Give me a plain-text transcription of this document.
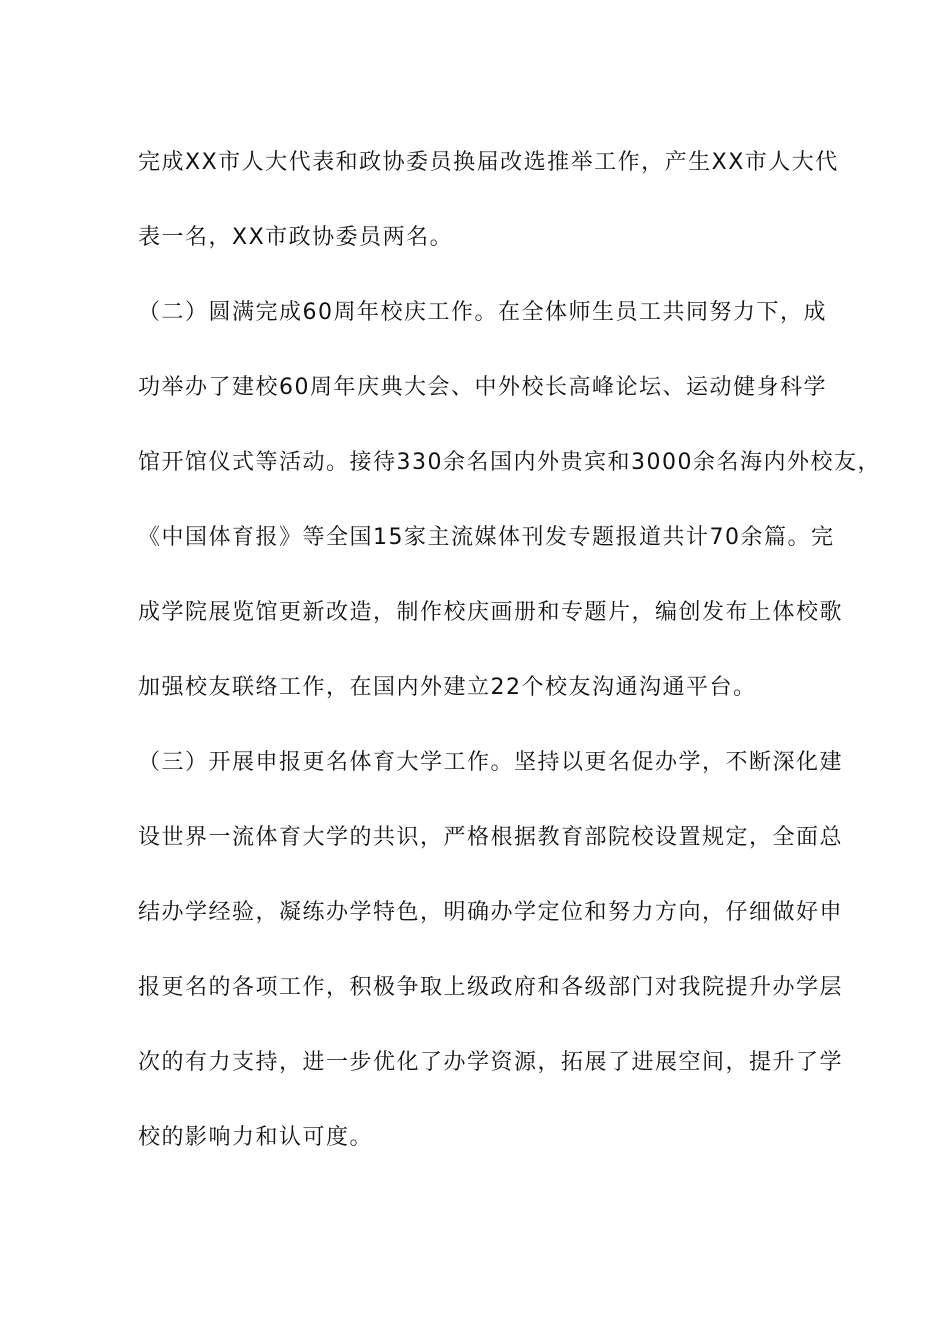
完成XX市人大代表和政协委员换届改选推举工作，产生XX市人大代
表一名，XX市政协委员两名。
（二）圆满完成60周年校庆工作。在全体师生员工共同努力下，成
功举办了建校60周年庆典大会、中外校长高峰论坛、运动健身科学
馆开馆仪式等活动。接待330余名国内外贵宾和3000余名海内外校友，
《中国体育报》等全国15家主流媒体刊发专题报道共计70余篇。完
成学院展览馆更新改造，制作校庆画册和专题片，编创发布上体校歌
加强校友联络工作，在国内外建立22个校友沟通沟通平台。
（三）开展申报更名体育大学工作。坚持以更名促办学，不断深化建
设世界一流体育大学的共识，严格根据教育部院校设置规定，全面总
结办学经验，凝练办学特色，明确办学定位和努力方向，仔细做好申
报更名的各项工作，积极争取上级政府和各级部门对我院提升办学层
次的有力支持，进一步优化了办学资源，拓展了进展空间，提升了学
校的影响力和认可度。
